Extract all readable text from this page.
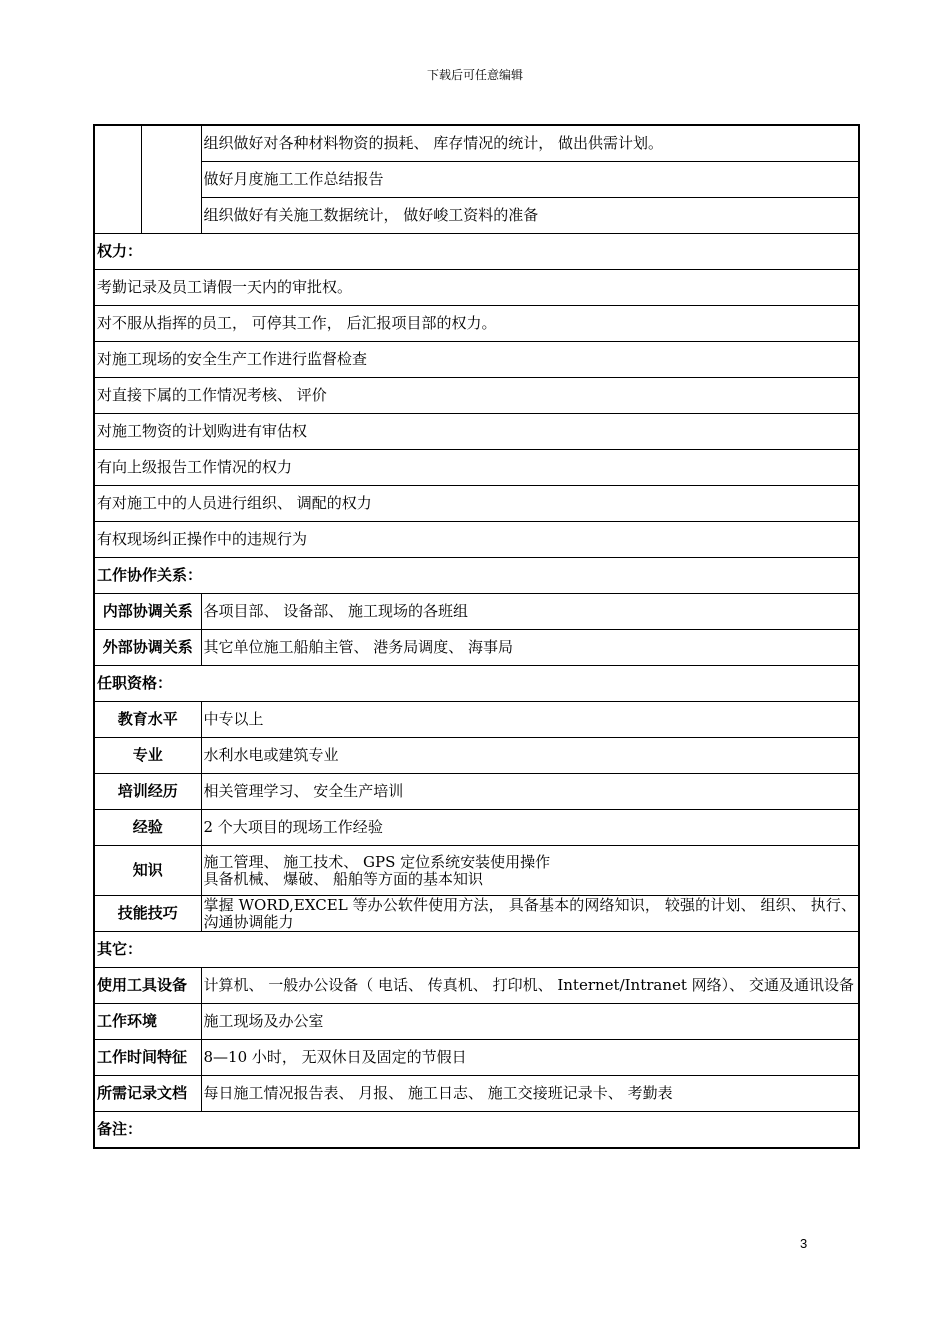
下载后可任意编辑
		组织做好对各种材料物资的损耗、 库存情况的统计， 做出供需计划。
		做好月度施工工作总结报告
		组织做好有关施工数据统计， 做好峻工资料的准备
权力：		
考勤记录及员工请假一天内的审批权。		
对不服从指挥的员工， 可停其工作， 后汇报项目部的权力。		
对施工现场的安全生产工作进行监督检查		
对直接下属的工作情况考核、 评价		
对施工物资的计划购进有审估权		
有向上级报告工作情况的权力		
有对施工中的人员进行组织、 调配的权力		
有权现场纠正操作中的违规行为		
工作协作关系：		
内部协调关系		各项目部、 设备部、 施工现场的各班组
外部协调关系		其它单位施工船舶主管、 港务局调度、 海事局
任职资格：		
教育水平		中专以上
专业		水利水电或建筑专业
培训经历		相关管理学习、 安全生产培训
经验		2 个大项目的现场工作经验
知识		施工管理、 施工技术、 GPS 定位系统安装使用操作
具备机械、 爆破、 船舶等方面的基本知识

技能技巧		掌握 WORD,EXCEL 等办公软件使用方法， 具备基本的网络知识， 较强的计划、 组织、 执行、 沟通协调能力
其它：		
使用工具设备		计算机、 一般办公设备（ 电话、 传真机、 打印机、 Internet/Intranet 网络）、 交通及通讯设备
工作环境		施工现场及办公室
工作时间特征		8—10 小时， 无双休日及固定的节假日
所需记录文档		每日施工情况报告表、 月报、 施工日志、 施工交接班记录卡、 考勤表
备注：		
3
